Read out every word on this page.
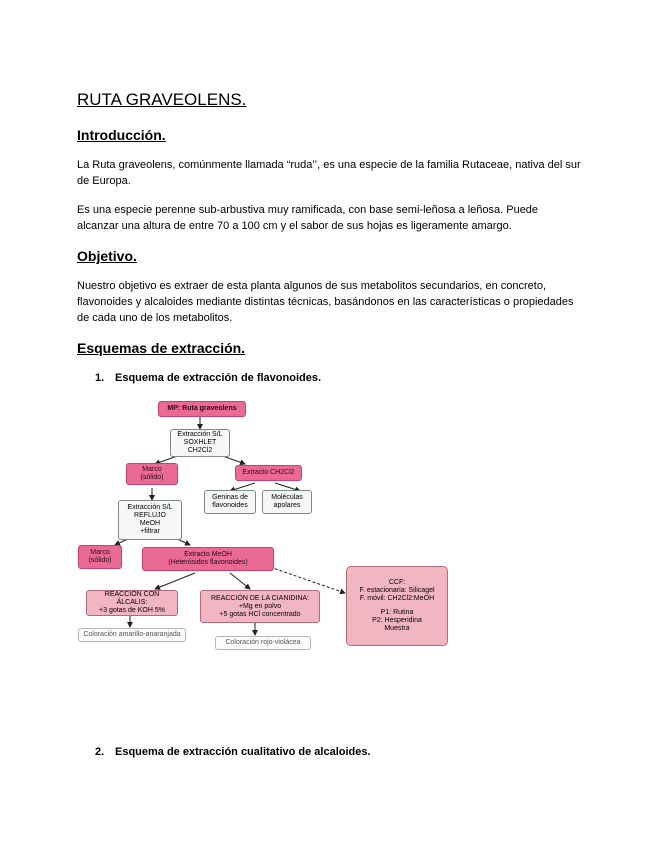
RUTA GRAVEOLENS.
Introducción.
La Ruta graveolens, comúnmente llamada “ruda’’, es una especie de la familia Rutaceae, nativa del sur de Europa.
Es una especie perenne sub-arbustiva muy ramificada, con base semi-leñosa a leñosa. Puede alcanzar una altura de entre 70 a 100 cm y el sabor de sus hojas es ligeramente amargo.
Objetivo.
Nuestro objetivo es extraer de esta planta algunos de sus metabolitos secundarios, en concreto, flavonoides y alcaloides mediante distintas técnicas, basándonos en las características o propiedades de cada uno de los metabolitos.
Esquemas de extracción.
1. Esquema de extracción de flavonoides.
MP: Ruta graveolens
Extracción S/L
SOXHLET
CH2Cl2
Marco
(sólido)
Extracto CH2Cl2
Geninas de
flavonoides
Moléculas
apolares
Extracción S/L
REFLUJO
MeOH
+filtrar
Marco
(sólido)
Extracto MeOH
(Heterósidos flavonoides)
REACCIÓN CON ÁLCALIS:
+3 gotas de KOH 5%
REACCIÓN DE LA CIANIDINA:
+Mg en polvo
+5 gotas HCl concentrado
CCF:
F. estacionaria: Silicagel
F. móvil: CH2Cl2:MeOH
P1: Rutina
P2: Hesperidina
Muestra
Coloración amarillo-anaranjada
Coloración rojo-violácea
2. Esquema de extracción cualitativo de alcaloides.
